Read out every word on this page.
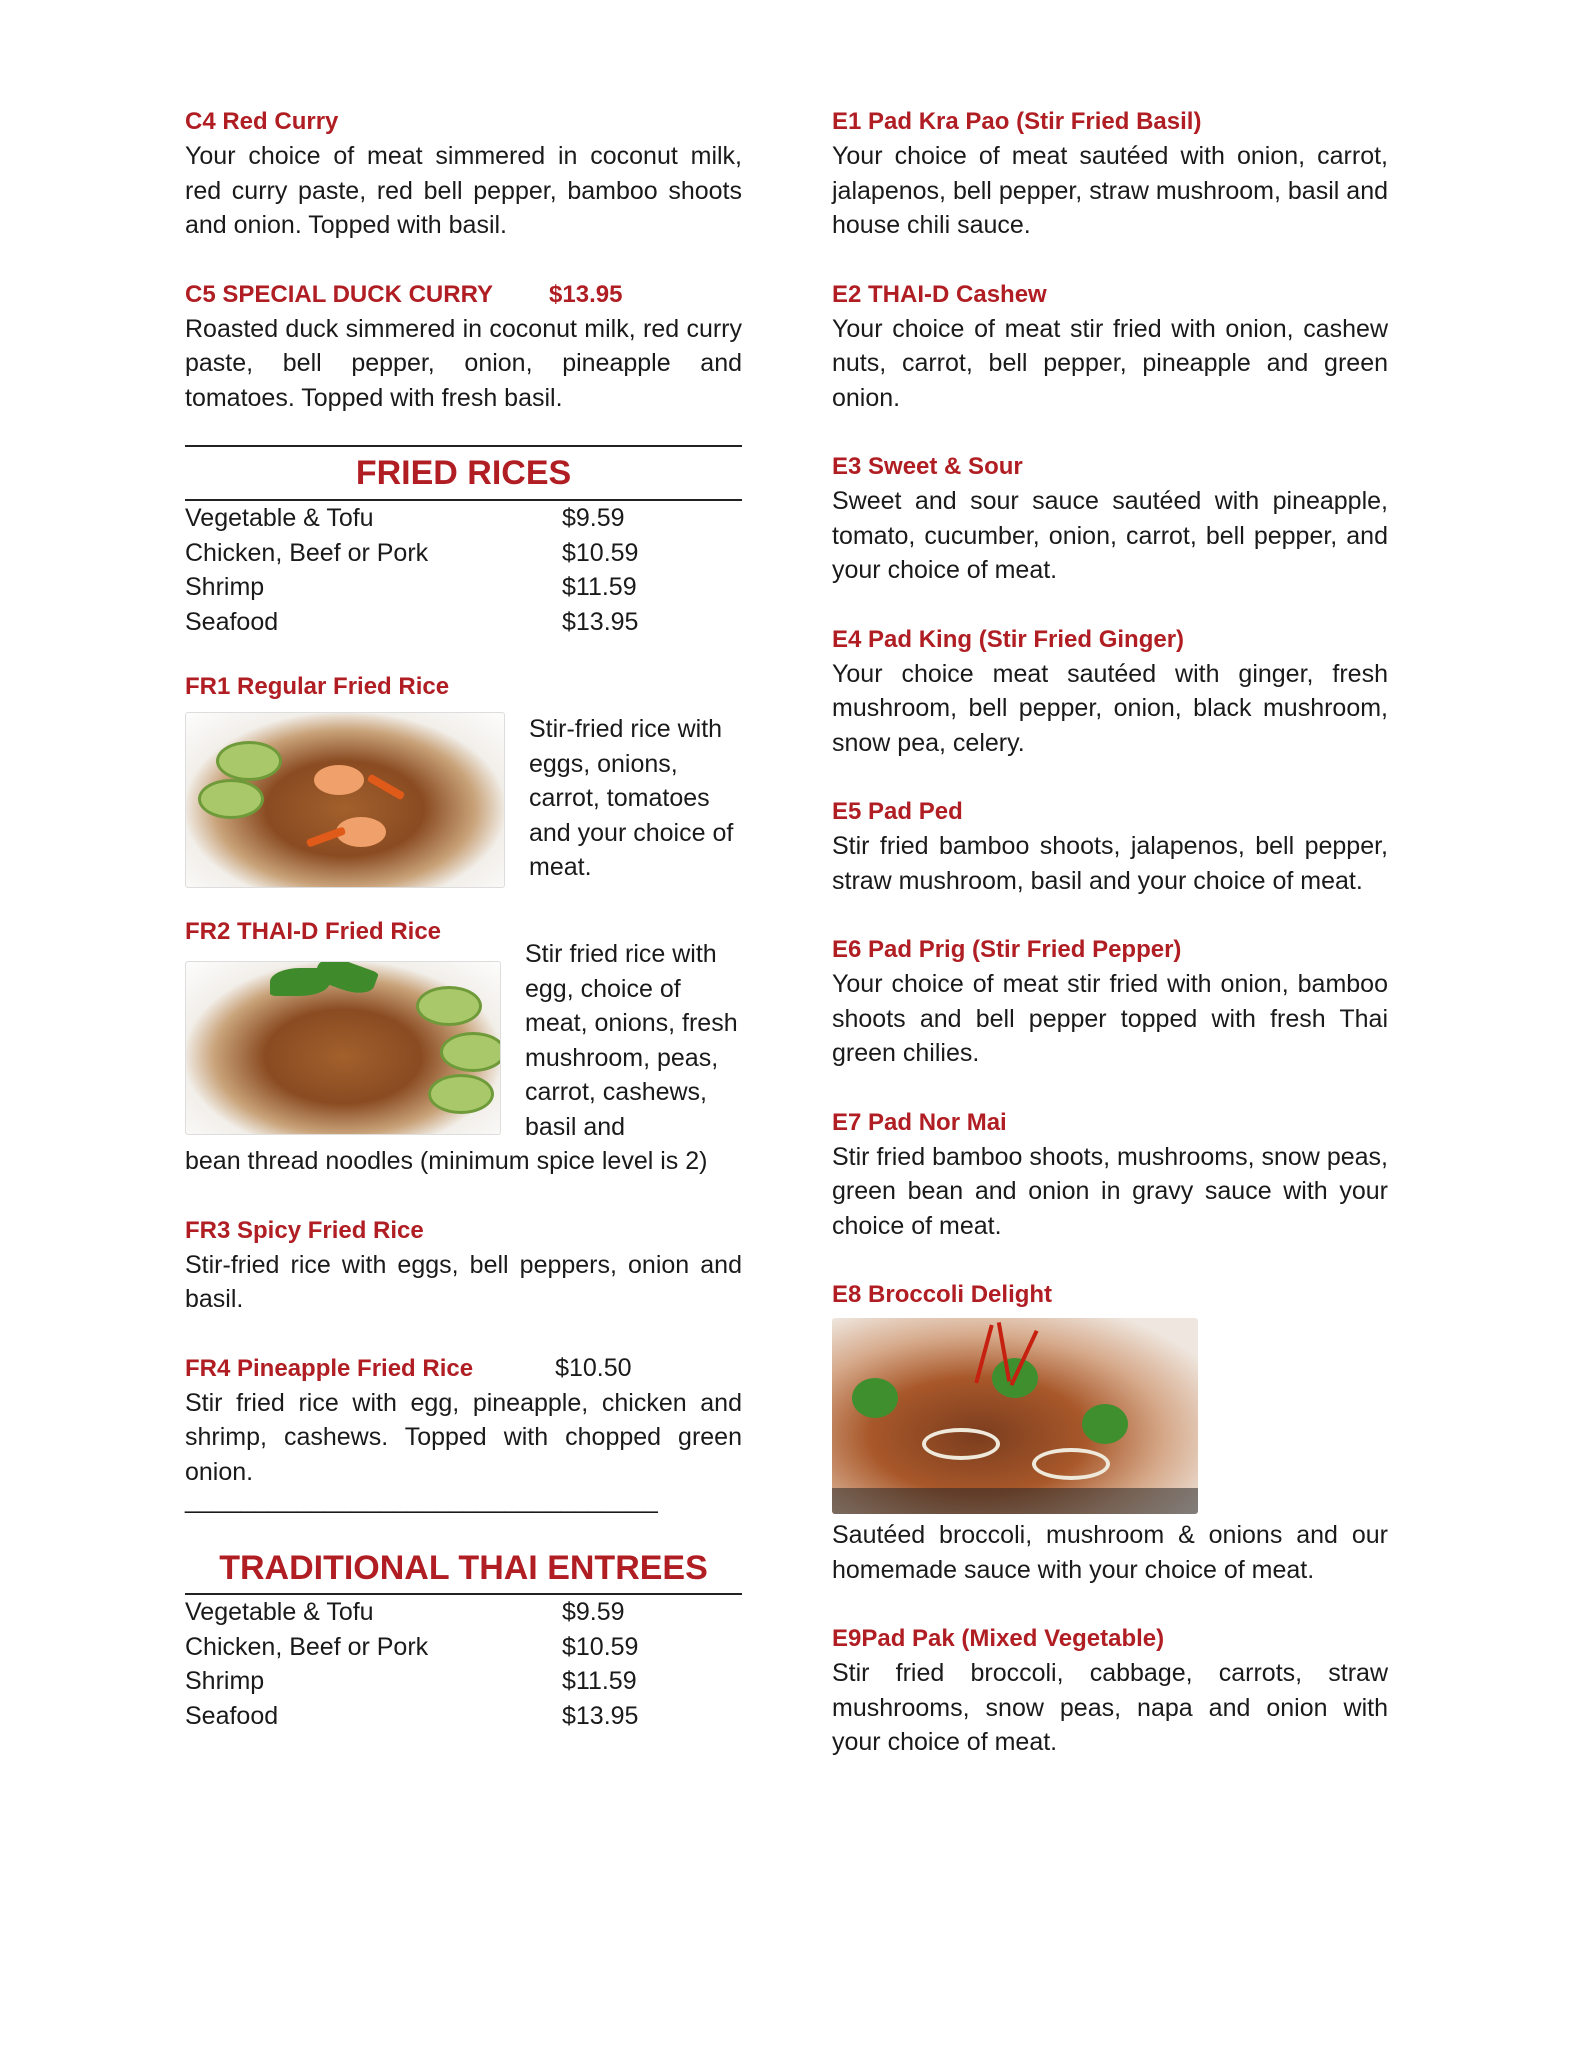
C4 Red Curry

Your choice of meat simmered in coconut milk, red curry paste, red bell pepper, bamboo shoots and onion. Topped with basil.

C5 SPECIAL DUCK CURRY $13.95

Roasted duck simmered in coconut milk, red curry paste, bell pepper, onion, pineapple and tomatoes. Topped with fresh basil.

FRIED RICES
Vegetable & Tofu	$9.59
Chicken, Beef or Pork	$10.59
Shrimp	$11.59
Seafood	$13.95
FR1 Regular Fried Rice
Stir-fried rice with eggs, onions, carrot, tomatoes and your choice of meat.
FR2 THAI-D Fried Rice
Stir fried rice with egg, choice of meat, onions, fresh mushroom, peas, carrot, cashews, basil and

bean thread noodles (minimum spice level is 2)

FR3 Spicy Fried Rice

Stir-fried rice with eggs, bell peppers, onion and basil.

FR4 Pineapple Fried Rice	$10.50

Stir fried rice with egg, pineapple, chicken and shrimp, cashews. Topped with chopped green onion.

__________________________________
TRADITIONAL THAI ENTREES
Vegetable & Tofu	$9.59
Chicken, Beef or Pork	$10.59
Shrimp	$11.59
Seafood	$13.95
E1 Pad Kra Pao (Stir Fried Basil)

Your choice of meat sautéed with onion, carrot, jalapenos, bell pepper, straw mushroom, basil and house chili sauce.

E2 THAI-D Cashew

Your choice of meat stir fried with onion, cashew nuts, carrot, bell pepper, pineapple and green onion.

E3 Sweet & Sour

Sweet and sour sauce sautéed with pineapple, tomato, cucumber, onion, carrot, bell pepper, and your choice of meat.

E4 Pad King (Stir Fried Ginger)

Your choice meat sautéed with ginger, fresh mushroom, bell pepper, onion, black mushroom, snow pea, celery.

E5 Pad Ped

Stir fried bamboo shoots, jalapenos, bell pepper, straw mushroom, basil and your choice of meat.

E6 Pad Prig (Stir Fried Pepper)

Your choice of meat stir fried with onion, bamboo shoots and bell pepper topped with fresh Thai green chilies.

E7 Pad Nor Mai

Stir fried bamboo shoots, mushrooms, snow peas, green bean and onion in gravy sauce with your choice of meat.

E8 Broccoli Delight

Sautéed broccoli, mushroom & onions and our homemade sauce with your choice of meat.

E9Pad Pak (Mixed Vegetable)

Stir fried broccoli, cabbage, carrots, straw mushrooms, snow peas, napa and onion with your choice of meat.
